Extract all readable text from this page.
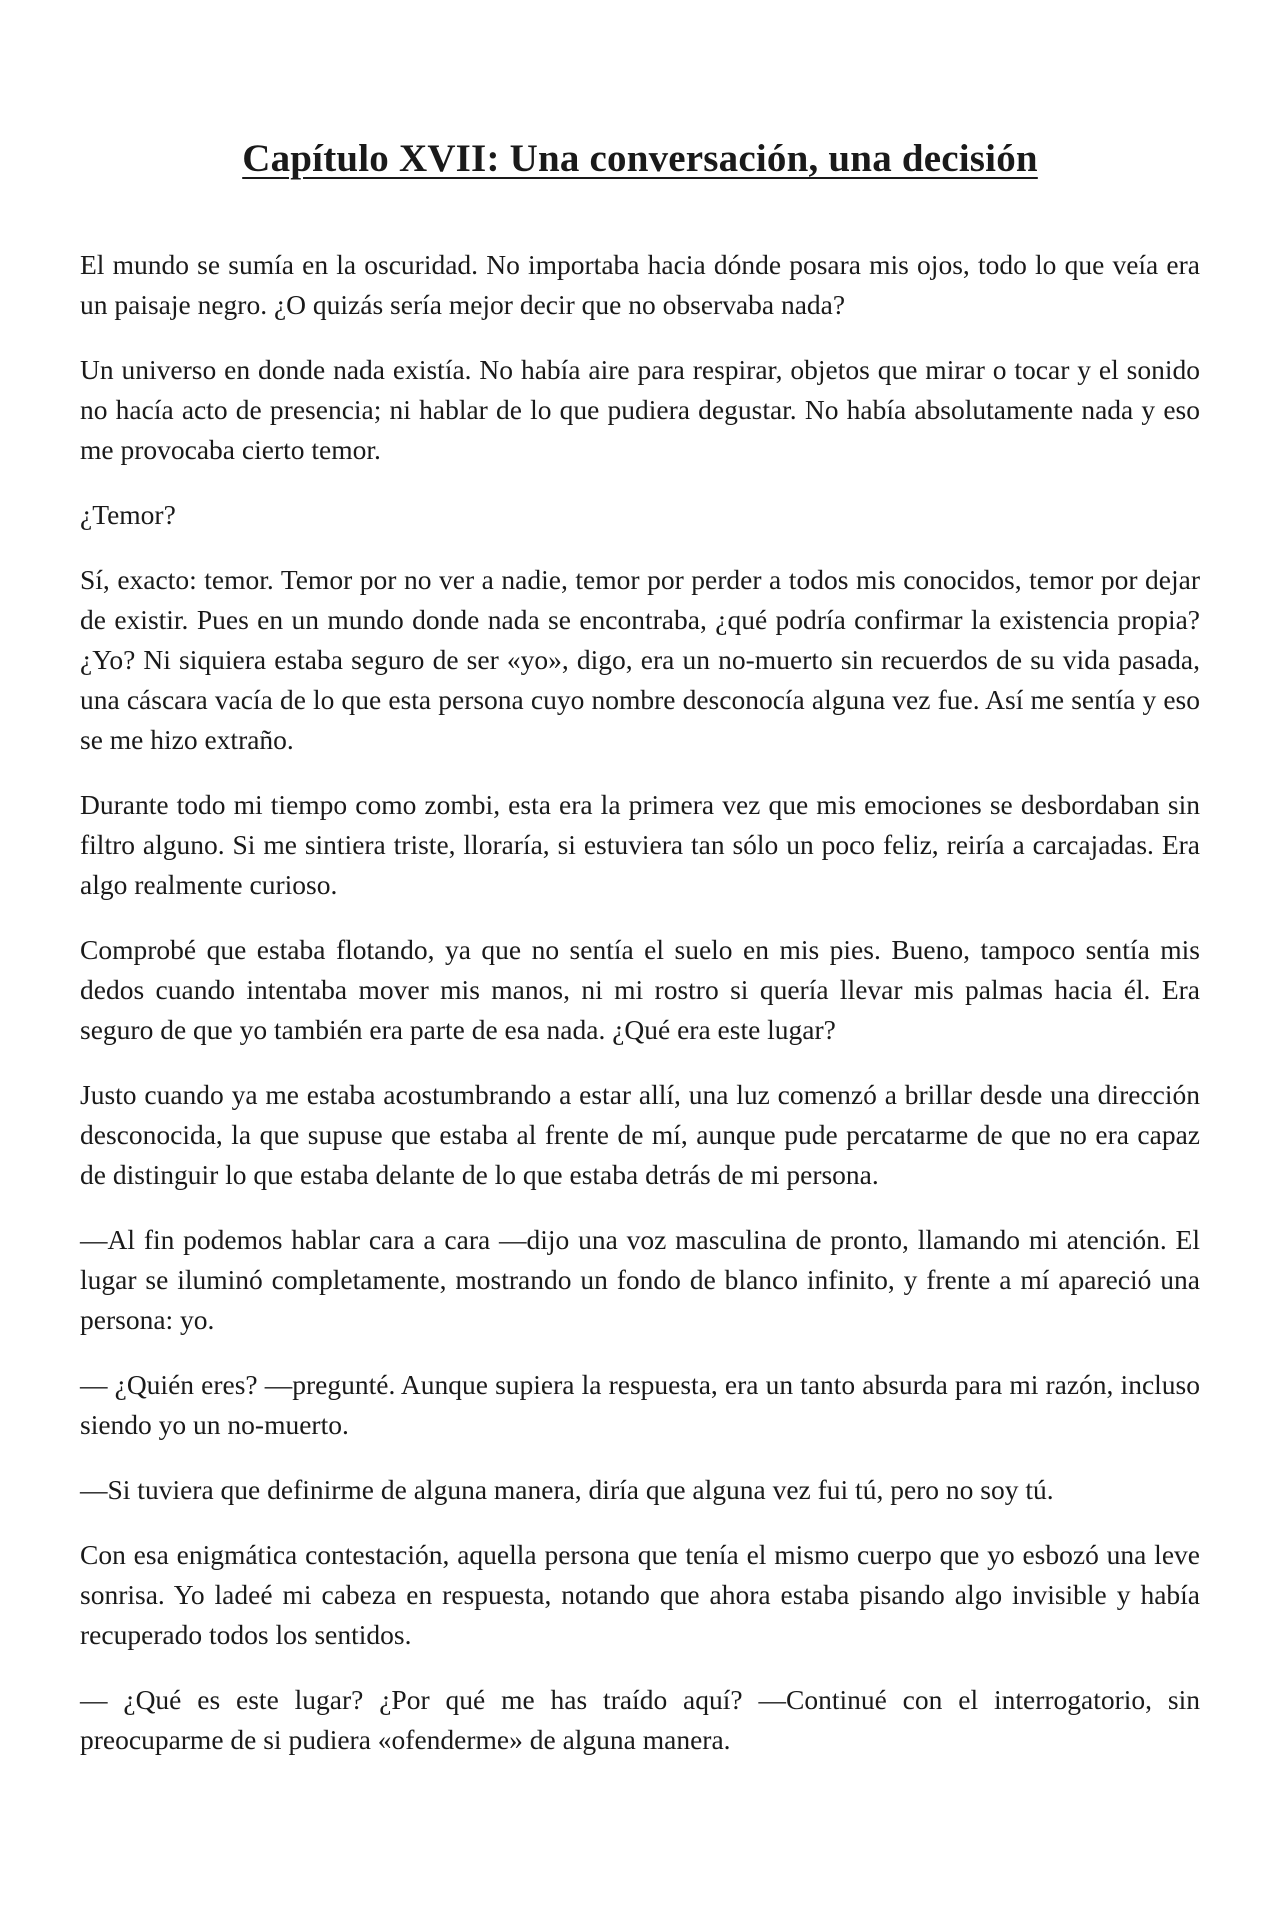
Capítulo XVII: Una conversación, una decisión

El mundo se sumía en la oscuridad. No importaba hacia dónde posara mis ojos, todo lo que veía era un paisaje negro. ¿O quizás sería mejor decir que no observaba nada?

Un universo en donde nada existía. No había aire para respirar, objetos que mirar o tocar y el sonido no hacía acto de presencia; ni hablar de lo que pudiera degustar. No había absolutamente nada y eso me provocaba cierto temor.

¿Temor?

Sí, exacto: temor. Temor por no ver a nadie, temor por perder a todos mis conocidos, temor por dejar de existir. Pues en un mundo donde nada se encontraba, ¿qué podría confirmar la existencia propia? ¿Yo? Ni siquiera estaba seguro de ser «yo», digo, era un no-muerto sin recuerdos de su vida pasada, una cáscara vacía de lo que esta persona cuyo nombre desconocía alguna vez fue. Así me sentía y eso se me hizo extraño.

Durante todo mi tiempo como zombi, esta era la primera vez que mis emociones se desbordaban sin filtro alguno. Si me sintiera triste, lloraría, si estuviera tan sólo un poco feliz, reiría a carcajadas. Era algo realmente curioso.

Comprobé que estaba flotando, ya que no sentía el suelo en mis pies. Bueno, tampoco sentía mis dedos cuando intentaba mover mis manos, ni mi rostro si quería llevar mis palmas hacia él. Era seguro de que yo también era parte de esa nada. ¿Qué era este lugar?

Justo cuando ya me estaba acostumbrando a estar allí, una luz comenzó a brillar desde una dirección desconocida, la que supuse que estaba al frente de mí, aunque pude percatarme de que no era capaz de distinguir lo que estaba delante de lo que estaba detrás de mi persona.

—Al fin podemos hablar cara a cara —dijo una voz masculina de pronto, llamando mi atención. El lugar se iluminó completamente, mostrando un fondo de blanco infinito, y frente a mí apareció una persona: yo.

— ¿Quién eres? —pregunté. Aunque supiera la respuesta, era un tanto absurda para mi razón, incluso siendo yo un no-muerto.

—Si tuviera que definirme de alguna manera, diría que alguna vez fui tú, pero no soy tú.

Con esa enigmática contestación, aquella persona que tenía el mismo cuerpo que yo esbozó una leve sonrisa. Yo ladeé mi cabeza en respuesta, notando que ahora estaba pisando algo invisible y había recuperado todos los sentidos.

— ¿Qué es este lugar? ¿Por qué me has traído aquí? —Continué con el interrogatorio, sin preocuparme de si pudiera «ofenderme» de alguna manera.
